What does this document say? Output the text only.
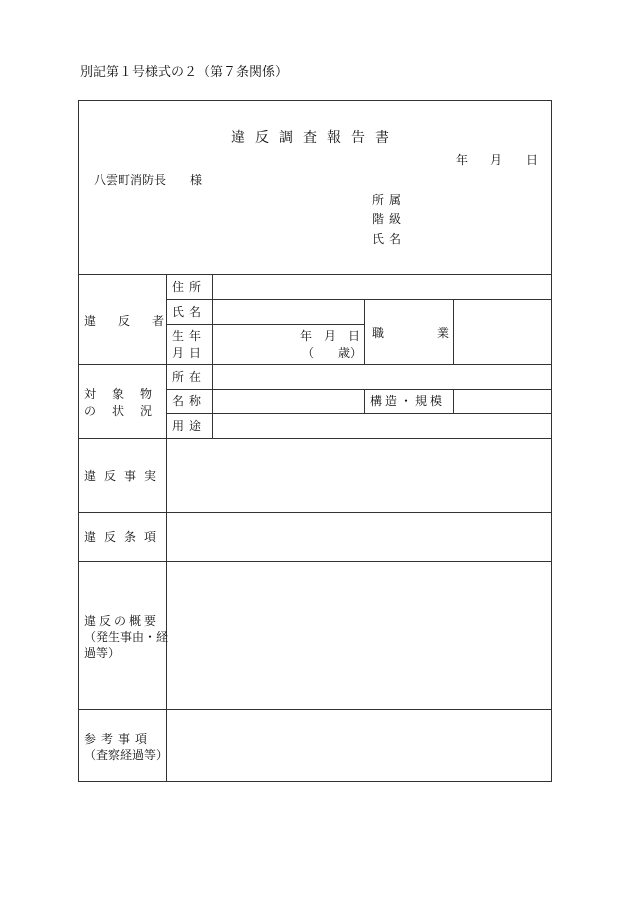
別記第１号様式の２（第７条関係）
違反調査報告書
年 月 日
八雲町消防長 様
所属
階級
氏名
違反者
住所
氏名
生年
月日
年　月　日
（　　歳）
職	業
対象物
の状況
所在
名称	構造・規模
用途
違反事実
違反条項
違反の概要
（発生事由・経
過等）
参考事項
（査察経過等）
